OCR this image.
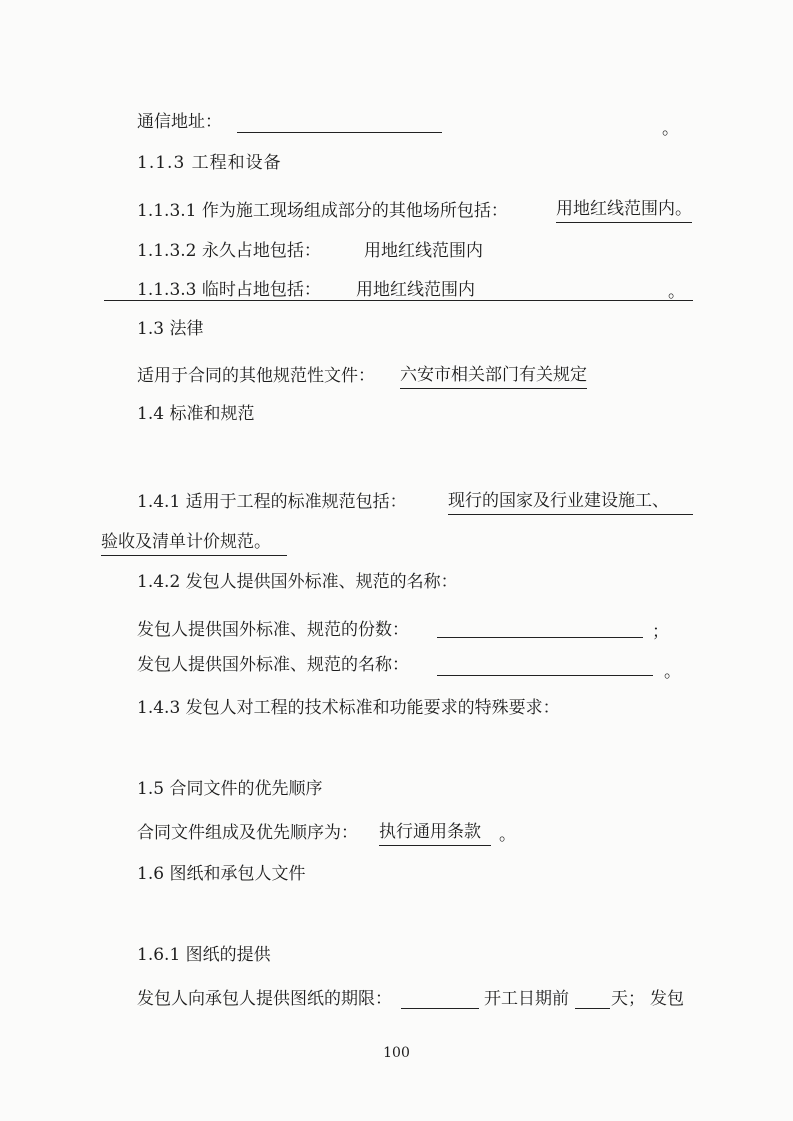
通信地址：	。
1.1.3 工程和设备
1.1.3.1 作为施工现场组成部分的其他场所包括：	用地红线范围内。
1.1.3.2 永久占地包括：	用地红线范围内
1.1.3.3 临时占地包括： 用地红线范围内	。
1.3 法律
适用于合同的其他规范性文件： 六安市相关部门有关规定
1.4 标准和规范
1.4.1 适用于工程的标准规范包括： 现行的国家及行业建设施工、
验收及清单计价规范。
1.4.2 发包人提供国外标准、规范的名称：
发包人提供国外标准、规范的份数：	；
发包人提供国外标准、规范的名称：	。
1.4.3 发包人对工程的技术标准和功能要求的特殊要求：
1.5 合同文件的优先顺序
合同文件组成及优先顺序为： 执行通用条款	。
1.6 图纸和承包人文件
1.6.1 图纸的提供
发包人向承包人提供图纸的期限：	开工日期前 天； 发包
100
